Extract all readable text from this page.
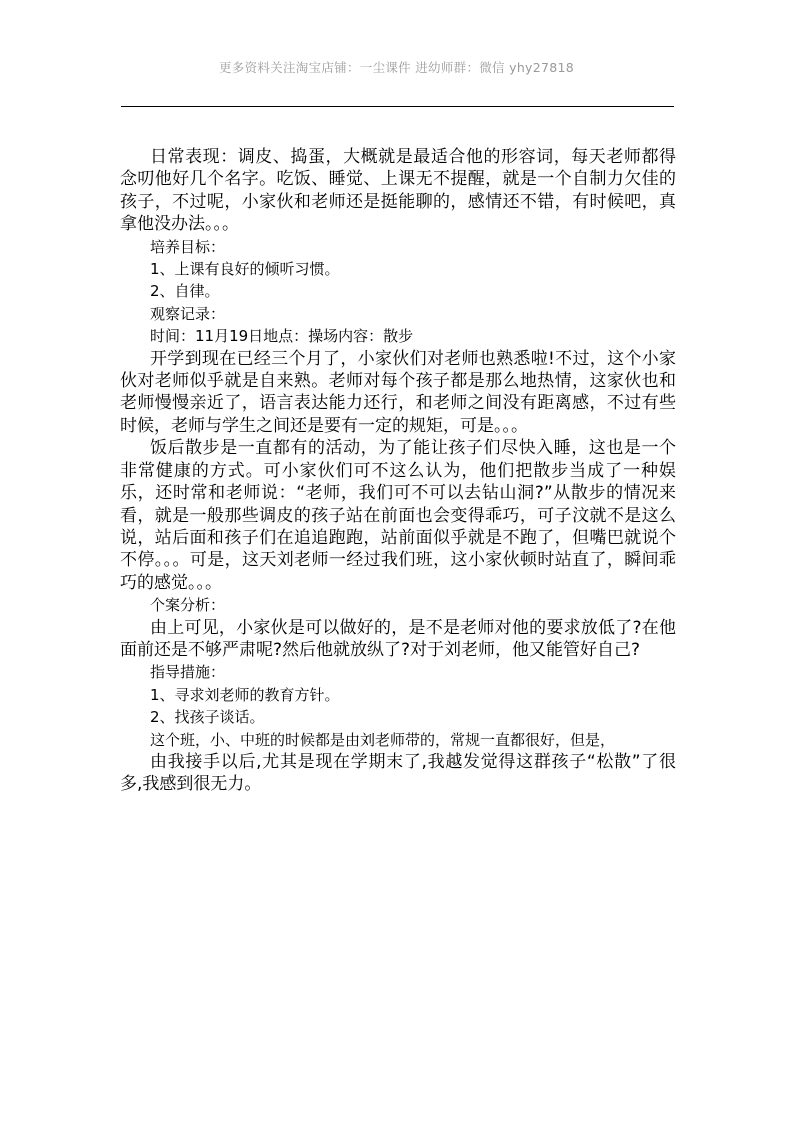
更多资料关注淘宝店铺：一尘课件 进幼师群：微信 yhy27818

日常表现：调皮、捣蛋，大概就是最适合他的形容词，每天老师都得念叨他好几个名字。吃饭、睡觉、上课无不提醒，就是一个自制力欠佳的孩子，不过呢，小家伙和老师还是挺能聊的，感情还不错，有时候吧，真拿他没办法。。。

培养目标：

1、上课有良好的倾听习惯。

2、自律。

观察记录：

时间：11月19日地点：操场内容：散步

开学到现在已经三个月了，小家伙们对老师也熟悉啦!不过，这个小家伙对老师似乎就是自来熟。老师对每个孩子都是那么地热情，这家伙也和老师慢慢亲近了，语言表达能力还行，和老师之间没有距离感，不过有些时候，老师与学生之间还是要有一定的规矩，可是。。。

饭后散步是一直都有的活动，为了能让孩子们尽快入睡，这也是一个非常健康的方式。可小家伙们可不这么认为，他们把散步当成了一种娱乐，还时常和老师说：“老师，我们可不可以去钻山洞?”从散步的情况来看，就是一般那些调皮的孩子站在前面也会变得乖巧，可子汶就不是这么说，站后面和孩子们在追追跑跑，站前面似乎就是不跑了，但嘴巴就说个不停。。。可是，这天刘老师一经过我们班，这小家伙顿时站直了，瞬间乖巧的感觉。。。

个案分析：

由上可见，小家伙是可以做好的，是不是老师对他的要求放低了?在他面前还是不够严肃呢?然后他就放纵了?对于刘老师，他又能管好自己?

指导措施：

1、寻求刘老师的教育方针。

2、找孩子谈话。

这个班，小、中班的时候都是由刘老师带的，常规一直都很好，但是，

由我接手以后,尤其是现在学期末了,我越发觉得这群孩子“松散”了很多,我感到很无力。
